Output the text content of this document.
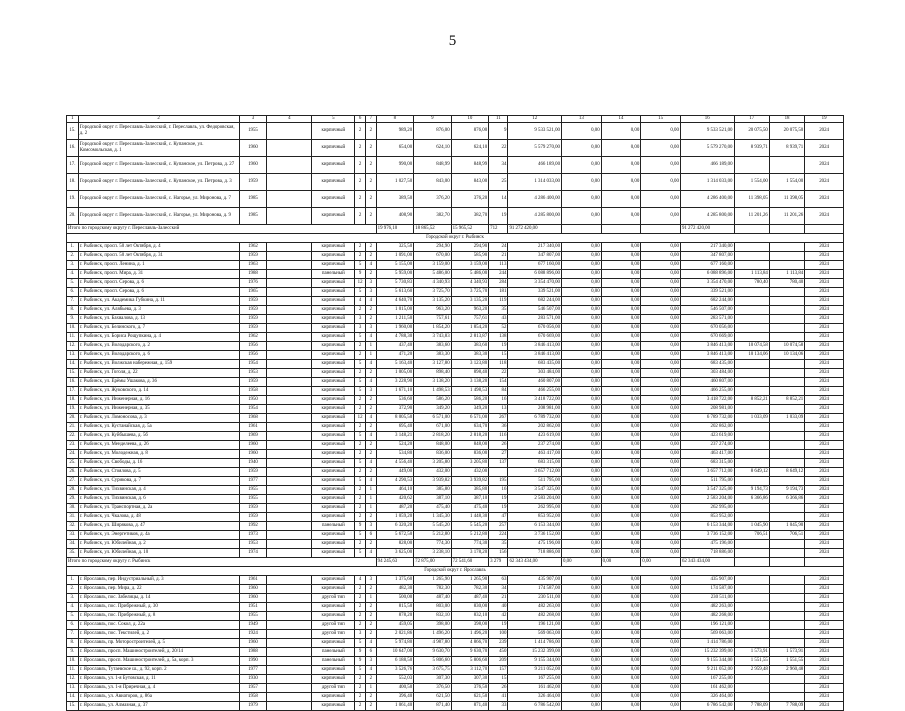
5
1	2	3	4	5	6	7	8	9	10	11	12	13	14	15	16	17	18	19
15.	Городской округ г. Переславль-Залесский, г. Переславль, ул. Федоровская, д. 2	1955		кирпичный	2	2	989,20	876,00	876,00	9	9 533 521,00	0,00	0,00	0,00	9 533 521,00	20 075,50	20 075,50	2024
16.	Городской округ г. Переславль-Залесский, с. Купанское, ул. Комсомольская, д. 1	1960		кирпичный	2	2	654,00	624,10	624,10	22	5 579 270,00	0,00	0,00	0,00	5 579 270,00	8 939,71	8 939,71	2024
17.	Городской округ г. Переславль-Залесский, с. Купанское, ул. Петрова, д. 27	1960		кирпичный	2	2	990,00	848,99	848,99	34	466 189,00	0,00	0,00	0,00	466 189,00			2024
18.	Городской округ г. Переславль-Залесский, с. Купанское, ул. Петрова, д. 3	1959		кирпичный	2	2	1 027,50	843,00	843,00	25	1 314 033,00	0,00	0,00	0,00	1 314 033,00	1 554,00	1 554,00	2024
19.	Городской округ г. Переславль-Залесский, с. Нагорье, ул. Миронова, д. 7	1985		кирпичный	2	2	389,50	376,20	376,20	14	4 286 400,00	0,00	0,00	0,00	4 286 400,00	11 398,05	11 398,05	2024
20.	Городской округ г. Переславль-Залесский, с. Нагорье, ул. Миронова, д. 9	1985		кирпичный	2	2	408,90	382,70	382,70	19	4 285 800,00	0,00	0,00	0,00	4 285 800,00	11 201,26	11 201,26	2024
Итого по городскому округу г. Переславль-Залесский							19 976,10	18 865,52	15 965,52	712	91 272 420,00				91 272 420,00			
Городской округ г. Рыбинск																		
1.	г. Рыбинск, просп. 50 лет Октября, д. 4	1962		кирпичный	2	2	325,50	294,90	294,90	24	217 340,00	0,00	0,00	0,00	217 340,00			2024
2.	г. Рыбинск, просп. 50 лет Октября, д. 31	1959		кирпичный	2	2	1 091,00	670,00	585,90	21	347 807,00	0,00	0,00	0,00	347 807,00			2024
3.	г. Рыбинск, просп. Ленина, д. 1	1963		кирпичный	5	4	5 155,00	3 159,00	3 159,00	113	677 160,00	0,00	0,00	0,00	677 160,00			2024
4.	г. Рыбинск, просп. Мира, д. 31	1988		панельный	9	2	5 959,00	5 486,00	5 486,00	244	6 088 896,00	0,00	0,00	0,00	6 088 896,00	1 113,84	1 113,84	2024
5.	г. Рыбинск, просп. Серова, д. 6	1976		кирпичный	12	3	5 730,83	4 340,93	4 340,93	284	3 354 470,00	0,00	0,00	0,00	3 354 470,00	780,40	780,40	2024
6.	г. Рыбинск, просп. Серова, д. 6	1965		кирпичный	5	3	5 613,60	3 725,70	3 725,70	181	339 521,00	0,00	0,00	0,00	339 521,00			2024
7.	г. Рыбинск, ул. Академика Губкина, д. 11	1959		кирпичный	4	4	4 640,70	3 135,20	3 135,20	119	682 244,00	0,00	0,00	0,00	682 244,00			2024
8.	г. Рыбинск, ул. Алябьева, д. 3	1959		кирпичный	2	2	1 015,00	963,20	963,20	35	546 507,00	0,00	0,00	0,00	546 507,00			2024
9.	г. Рыбинск, ул. Бахвалова, д. 13	1959		кирпичный	3	2	1 211,50	757,61	757,61	43	283 571,00	0,00	0,00	0,00	283 571,00			2024
10.	г. Рыбинск, ул. Белинского, д. 7	1959		кирпичный	3	3	1 960,00	1 854,20	1 854,20	52	670 056,00	0,00	0,00	0,00	670 056,00			2024
11.	г. Рыбинск, ул. Бориса Рощупкина, д. 4	1962		кирпичный	5	4	4 788,30	3 743,83	2 813,87	138	670 669,00	0,00	0,00	0,00	670 669,00			2024
12.	г. Рыбинск, ул. Володарского, д. 2	1956		кирпичный	2	1	437,40	383,60	383,60	19	3 846 413,00	0,00	0,00	0,00	3 846 413,00	10 074,58	10 074,58	2024
13.	г. Рыбинск, ул. Володарского, д. 6	1956		кирпичный	2	1	471,20	383,30	383,30	15	3 846 413,00	0,00	0,00	0,00	3 846 413,00	10 134,06	10 134,06	2024
14.	г. Рыбинск, ул. Волжская набережная, д. 159	1954		кирпичный	5	4	5 163,40	3 127,80	3 123,80	118	683 435,00	0,00	0,00	0,00	683 435,00			2024
15.	г. Рыбинск, ул. Гоголя, д. 22	1953		кирпичный	2	2	1 005,00	898,40	898,40	22	303 484,00	0,00	0,00	0,00	303 484,00			2024
16.	г. Рыбинск, ул. Ерёмы Ушакова, д. 36	1959		кирпичный	5	4	3 228,90	3 138,20	3 138,20	154	460 807,00	0,00	0,00	0,00	460 807,00			2024
17.	г. Рыбинск, ул. Жуковского, д. 14	1958		кирпичный	5	3	1 671,10	1 498,53	1 498,53	84	466 255,00	0,00	0,00	0,00	466 255,00			2024
18.	г. Рыбинск, ул. Инженерная, д. 16	1950		кирпичный	2	2	536,60	586,20	586,20	16	3 418 722,00	0,00	0,00	0,00	3 418 722,00	8 852,21	8 852,21	2024
19.	г. Рыбинск, ул. Инженерная, д. 35	1954		кирпичный	2	2	372,90	349,20	349,20	13	208 981,00	0,00	0,00	0,00	208 981,00			2024
20.	г. Рыбинск, ул. Ломоносова, д. 3	1968		кирпичный	12	4	8 005,50	6 571,00	6 571,00	267	6 789 732,00	0,00	0,00	0,00	6 789 732,00	1 033,09	1 033,09	2024
21.	г. Рыбинск, ул. Кустанайская, д. 5а	1961		кирпичный	2	2	695,40	671,00	634,70	36	202 862,00	0,00	0,00	0,00	202 862,00			2024
22.	г. Рыбинск, ул. Куйбышева, д. 5б	1969		кирпичный	5	4	3 148,21	2 818,20	2 818,20	116	423 619,00	0,00	0,00	0,00	423 619,00			2024
23.	г. Рыбинск, ул. Менделеева, д. 26	1960		кирпичный	2	2	524,20	848,00	848,00	26	237 274,00	0,00	0,00	0,00	237 274,00			2024
24.	г. Рыбинск, ул. Молодежная, д. 8	1960		кирпичный	2	2	534,80	836,00	836,00	27	463 417,00	0,00	0,00	0,00	463 417,00			2024
25.	г. Рыбинск, ул. Свободы, д. 16	1940		кирпичный	5	4	4 556,40	3 205,80	3 205,80	137	683 315,00	0,00	0,00	0,00	683 315,00			2024
26.	г. Рыбинск, ул. Стоялова, д. 5	1959		кирпичный	2	2	449,00	432,00	432,00		3 657 712,00	0,00	0,00	0,00	3 657 712,00	8 649,12	8 649,12	2024
27.	г. Рыбинск, ул. Сурикова, д. 7	1977		кирпичный	5	4	4 290,53	3 939,82	3 939,82	195	511 795,00	0,00	0,00	0,00	511 795,00			2024
28.	г. Рыбинск, ул. Тихвинская, д. 4	1955		кирпичный	2	1	464,10	385,80	385,80	16	3 547 325,00	0,00	0,00	0,00	3 547 325,00	9 194,73	9 194,73	2024
29.	г. Рыбинск, ул. Тихвинская, д. 6	1955		кирпичный	2	1	420,62	387,10	387,10	19	2 583 204,00	0,00	0,00	0,00	2 583 204,00	6 366,86	6 366,86	2024
30.	г. Рыбинск, ул. Транспортная, д. 2а	1959		кирпичный	2	1	487,20	475,40	475,40	19	262 995,00	0,00	0,00	0,00	262 995,00			2024
31.	г. Рыбинск, ул. Чкалова, д. 48	1959		кирпичный	2	2	1 059,20	1 345,30	1 448,30	47	853 952,00	0,00	0,00	0,00	853 952,00			2024
32.	г. Рыбинск, ул. Ширякова, д. 47	1992		панельный	9	3	6 320,20	5 545,20	5 545,20	257	6 153 344,00	0,00	0,00	0,00	6 153 344,00	1 045,90	1 045,90	2024
33.	г. Рыбинск, ул. Энергетиков, д. 4а	1973		кирпичный	5	6	5 672,50	5 212,80	5 212,80	224	3 736 152,00	0,00	0,00	0,00	3 736 152,00	706,51	706,51	2024
34.	г. Рыбинск, ул. Юбилейная, д. 2	1953		кирпичный	2	2	828,00	774,30	774,30	35	475 196,00	0,00	0,00	0,00	475 196,00			2024
35.	г. Рыбинск, ул. Юбилейная, д. 10	1974		кирпичный	5	4	3 625,00	3 238,10	3 178,20	156	718 886,00	0,00	0,00	0,00	718 886,00			2024
Итого по городскому округу г. Рыбинск							94 245,63	72 875,00	72 541,60	3 279	62 343 434,00	0,00	0,00	0,00	62 343 434,00			
Городской округ г. Ярославль																		
1.	г. Ярославль, пер. Индустриальный, д. 3	1961		кирпичный	4	3	1 375,60	1 265,90	1 265,90	63	435 907,00	0,00	0,00	0,00	435 907,00			2024
2.	г. Ярославль, пер. Мира, д. 22	1960		кирпичный	2	2	482,30	782,30	782,30	34	174 587,00	0,00	0,00	0,00	174 587,00			2024
3.	г. Ярославль, пос. Забелицы, д. 14	1960		другой тип	2	1	500,00	487,40	487,40	21	230 511,00	0,00	0,00	0,00	230 511,00			2024
4.	г. Ярославль, пос. Прибрежный, д. 30	1951		кирпичный	2	2	815,50	803,00	830,00	40	482 263,00	0,00	0,00	0,00	482 263,00			2024
5.	г. Ярославль, пос. Прибрежный, д. 8	1955		кирпичный	2	2	878,20	832,10	832,10	42	482 268,00	0,00	0,00	0,00	482 268,00			2024
6.	г. Ярославль, пос. Сокол, д. 22а	1949		другой тип	2	2	459,05	398,00	398,00	19	196 121,00	0,00	0,00	0,00	196 121,00			2024
7.	г. Ярославль, пос. Текстилей, д. 2	1924		другой тип	3	2	2 021,86	1 496,20	1 496,20	100	569 063,00	0,00	0,00	0,00	569 063,00			2024
8.	г. Ярославль, пр. Моторостроителей, д. 5	1960		кирпичный	5	4	5 974,80	4 987,80	4 866,70	239	1 414 786,00	0,00	0,00	0,00	1 414 786,00			2024
9.	г. Ярославль, просп. Машиностроителей, д. 20/14	1988		панельный	9	6	10 647,00	9 630,70	9 630,70	450	15 232 399,00	0,00	0,00	0,00	15 232 399,00	1 573,91	1 573,91	2024
10.	г. Ярославль, просп. Машиностроителей, д. 5а, корп. 3	1990		панельный	9	3	6 188,50	5 806,60	5 806,60	209	9 155 344,00	0,00	0,00	0,00	9 155 344,00	1 551,55	1 551,55	2024
11.	г. Ярославль, Тутаевское ш., д. 92, корп. 2	1977		кирпичный	5	4	3 526,76	3 675,75	3 112,70	157	9 211 052,00	0,00	0,00	0,00	9 211 052,00	2 959,48	2 960,48	2024
12.	г. Ярославль, ул. 1-я Бутовская, д. 11	1930		кирпичный	2	2	552,03	307,30	307,30	15	167 255,00	0,00	0,00	0,00	167 255,00			2024
13.	г. Ярославль, ул. 1-я Приречная, д. 4	1957		другой тип	2	1	400,50	376,50	376,50	26	161 462,00	0,00	0,00	0,00	161 462,00			2024
14.	г. Ярославль, ул. Авиаторов, д. 86а	1958		кирпичный	2	2	396,40	621,50	621,50	41	326 464,00	0,00	0,00	0,00	326 464,00			2024
15.	г. Ярославль, ул. Алмазная, д. 37	1979		кирпичный	2	2	1 061,40	871,40	871,40	33	6 786 542,00	0,00	0,00	0,00	6 786 542,00	7 788,09	7 788,09	2024
